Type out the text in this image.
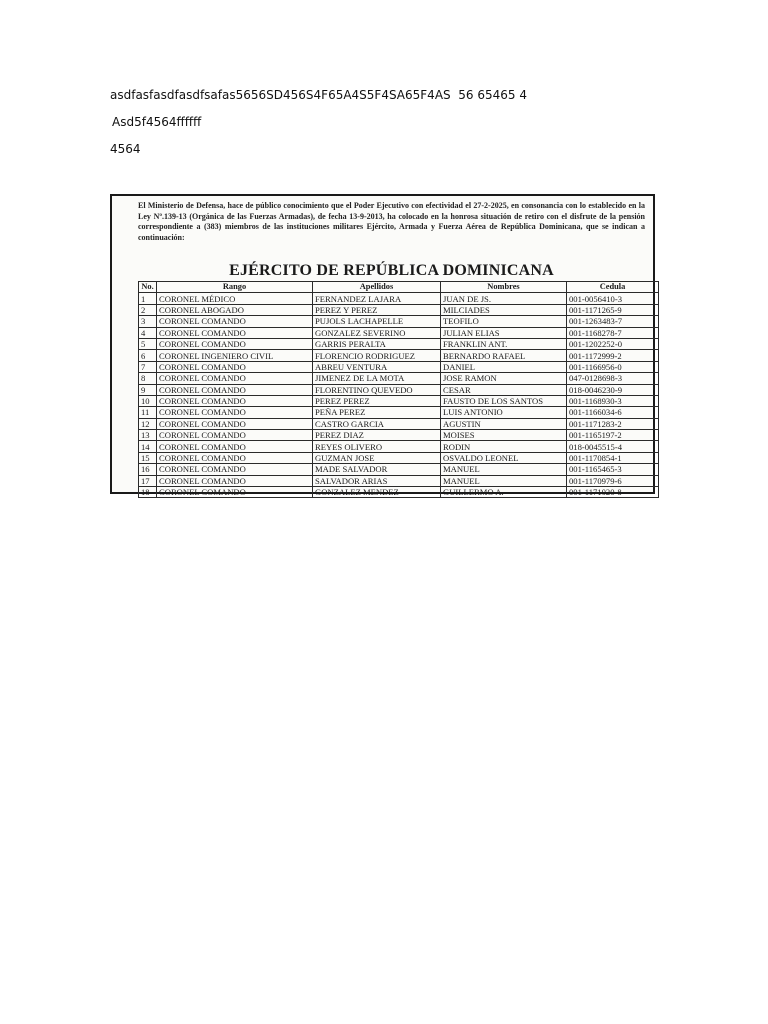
asdfasfasdfasdfsafas5656SD456S4F65A4S5F4SA65F4AS  56 65465 4
Asd5f4564ffffff
4564
El Ministerio de Defensa, hace de público conocimiento que el Poder Ejecutivo con efectividad el 27-2-2025, en consonancia con lo establecido en la Ley Nº.139-13 (Orgánica de las Fuerzas Armadas), de fecha 13-9-2013, ha colocado en la honrosa situación de retiro con el disfrute de la pensión correspondiente a (383) miembros de las instituciones militares Ejército, Armada y Fuerza Aérea de República Dominicana, que se indican a continuación:
EJÉRCITO DE REPÚBLICA DOMINICANA
No.	Rango	Apellidos	Nombres	Cedula
1	CORONEL MÉDICO	FERNANDEZ LAJARA	JUAN DE JS.	001-0056410-3
2	CORONEL ABOGADO	PEREZ Y PEREZ	MILCIADES	001-1171265-9
3	CORONEL COMANDO	PUJOLS LACHAPELLE	TEOFILO	001-1263483-7
4	CORONEL COMANDO	GONZALEZ SEVERINO	JULIAN ELIAS	001-1168278-7
5	CORONEL COMANDO	GARRIS PERALTA	FRANKLIN ANT.	001-1202252-0
6	CORONEL INGENIERO CIVIL	FLORENCIO RODRIGUEZ	BERNARDO RAFAEL	001-1172999-2
7	CORONEL COMANDO	ABREU VENTURA	DANIEL	001-1166956-0
8	CORONEL COMANDO	JIMENEZ DE LA MOTA	JOSE RAMON	047-0128698-3
9	CORONEL COMANDO	FLORENTINO QUEVEDO	CESAR	018-0046230-9
10	CORONEL COMANDO	PEREZ PEREZ	FAUSTO DE LOS SANTOS	001-1168930-3
11	CORONEL COMANDO	PEÑA PEREZ	LUIS ANTONIO	001-1166034-6
12	CORONEL COMANDO	CASTRO GARCIA	AGUSTIN	001-1171283-2
13	CORONEL COMANDO	PEREZ DIAZ	MOISES	001-1165197-2
14	CORONEL COMANDO	REYES OLIVERO	RODIN	018-0045515-4
15	CORONEL COMANDO	GUZMAN JOSE	OSVALDO LEONEL	001-1170854-1
16	CORONEL COMANDO	MADE SALVADOR	MANUEL	001-1165465-3
17	CORONEL COMANDO	SALVADOR ARIAS	MANUEL	001-1170979-6
18	CORONEL COMANDO	GONZALEZ MENDEZ	GUILLERMO A.	001-1171020-8
